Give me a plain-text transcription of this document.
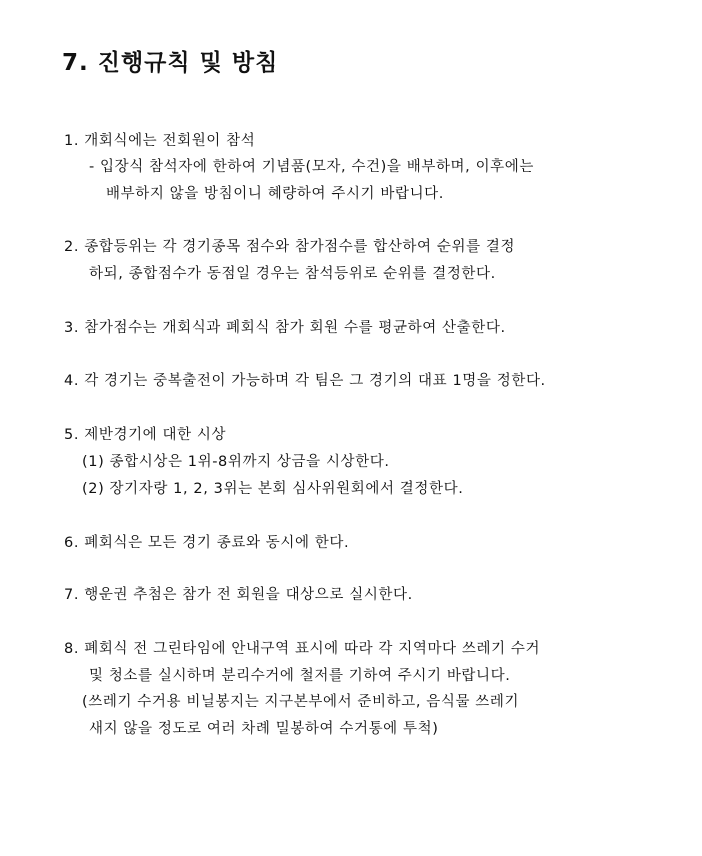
7. 진행규칙 및 방침
1. 개회식에는 전회원이 참석
- 입장식 참석자에 한하여 기념품(모자, 수건)을 배부하며, 이후에는
배부하지 않을 방침이니 혜량하여 주시기 바랍니다.
2. 종합등위는 각 경기종목 점수와 참가점수를 합산하여 순위를 결정
하되, 종합점수가 동점일 경우는 참석등위로 순위를 결정한다.
3. 참가점수는 개회식과 폐회식 참가 회원 수를 평균하여 산출한다.
4. 각 경기는 중복출전이 가능하며 각 팀은 그 경기의 대표 1명을 정한다.
5. 제반경기에 대한 시상
(1) 종합시상은 1위-8위까지 상금을 시상한다.
(2) 장기자랑 1, 2, 3위는 본회 심사위원회에서 결정한다.
6. 폐회식은 모든 경기 종료와 동시에 한다.
7. 행운권 추첨은 참가 전 회원을 대상으로 실시한다.
8. 폐회식 전 그린타임에 안내구역 표시에 따라 각 지역마다 쓰레기 수거
및 청소를 실시하며 분리수거에 철저를 기하여 주시기 바랍니다.
(쓰레기 수거용 비닐봉지는 지구본부에서 준비하고, 음식물 쓰레기
새지 않을 정도로 여러 차례 밀봉하여 수거통에 투척)
